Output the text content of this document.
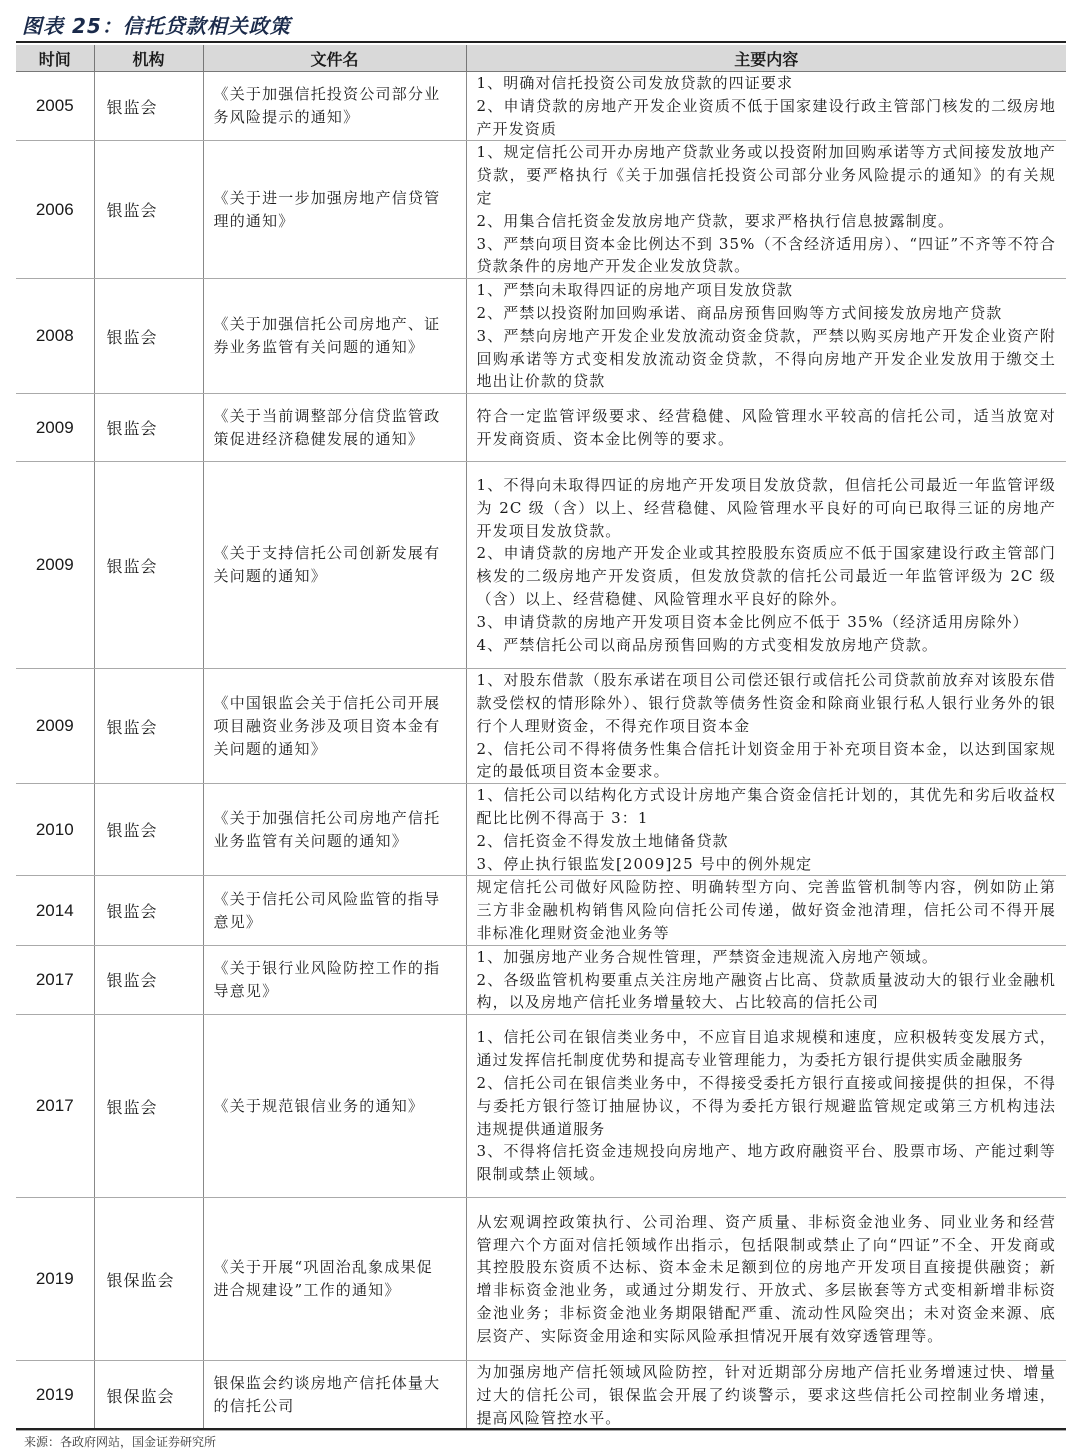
图表 25：信托贷款相关政策
时间	机构	文件名	主要内容
2005	银监会	《关于加强信托投资公司部分业务风险提示的通知》	1、明确对信托投资公司发放贷款的四证要求

2、申请贷款的房地产开发企业资质不低于国家建设行政主管部门核发的二级房地产开发资质

2006	银监会	《关于进一步加强房地产信贷管理的通知》	1、规定信托公司开办房地产贷款业务或以投资附加回购承诺等方式间接发放地产贷款，要严格执行《关于加强信托投资公司部分业务风险提示的通知》的有关规定

2、用集合信托资金发放房地产贷款，要求严格执行信息披露制度。

3、严禁向项目资本金比例达不到 35%（不含经济适用房）、“四证”不齐等不符合贷款条件的房地产开发企业发放贷款。

2008	银监会	《关于加强信托公司房地产、证券业务监管有关问题的通知》	1、严禁向未取得四证的房地产项目发放贷款

2、严禁以投资附加回购承诺、商品房预售回购等方式间接发放房地产贷款

3、严禁向房地产开发企业发放流动资金贷款，严禁以购买房地产开发企业资产附回购承诺等方式变相发放流动资金贷款，不得向房地产开发企业发放用于缴交土地出让价款的贷款

2009	银监会	《关于当前调整部分信贷监管政策促进经济稳健发展的通知》	符合一定监管评级要求、经营稳健、风险管理水平较高的信托公司，适当放宽对开发商资质、资本金比例等的要求。

2009	银监会	《关于支持信托公司创新发展有关问题的通知》	1、不得向未取得四证的房地产开发项目发放贷款，但信托公司最近一年监管评级为 2C 级（含）以上、经营稳健、风险管理水平良好的可向已取得三证的房地产开发项目发放贷款。

2、申请贷款的房地产开发企业或其控股股东资质应不低于国家建设行政主管部门核发的二级房地产开发资质，但发放贷款的信托公司最近一年监管评级为 2C 级（含）以上、经营稳健、风险管理水平良好的除外。

3、申请贷款的房地产开发项目资本金比例应不低于 35%（经济适用房除外）

4、严禁信托公司以商品房预售回购的方式变相发放房地产贷款。

2009	银监会	《中国银监会关于信托公司开展项目融资业务涉及项目资本金有关问题的通知》	1、对股东借款（股东承诺在项目公司偿还银行或信托公司贷款前放弃对该股东借款受偿权的情形除外）、银行贷款等债务性资金和除商业银行私人银行业务外的银行个人理财资金，不得充作项目资本金

2、信托公司不得将债务性集合信托计划资金用于补充项目资本金，以达到国家规定的最低项目资本金要求。

2010	银监会	《关于加强信托公司房地产信托业务监管有关问题的通知》	1、信托公司以结构化方式设计房地产集合资金信托计划的，其优先和劣后收益权配比比例不得高于 3：1

2、信托资金不得发放土地储备贷款

3、停止执行银监发[2009]25 号中的例外规定

2014	银监会	《关于信托公司风险监管的指导意见》	规定信托公司做好风险防控、明确转型方向、完善监管机制等内容，例如防止第三方非金融机构销售风险向信托公司传递，做好资金池清理，信托公司不得开展非标准化理财资金池业务等

2017	银监会	《关于银行业风险防控工作的指导意见》	1、加强房地产业务合规性管理，严禁资金违规流入房地产领域。

2、各级监管机构要重点关注房地产融资占比高、贷款质量波动大的银行业金融机构，以及房地产信托业务增量较大、占比较高的信托公司

2017	银监会	《关于规范银信业务的通知》	1、信托公司在银信类业务中，不应盲目追求规模和速度，应积极转变发展方式，通过发挥信托制度优势和提高专业管理能力，为委托方银行提供实质金融服务

2、信托公司在银信类业务中，不得接受委托方银行直接或间接提供的担保，不得与委托方银行签订抽屉协议，不得为委托方银行规避监管规定或第三方机构违法违规提供通道服务

3、不得将信托资金违规投向房地产、地方政府融资平台、股票市场、产能过剩等限制或禁止领域。

2019	银保监会	《关于开展“巩固治乱象成果促进合规建设”工作的通知》	从宏观调控政策执行、公司治理、资产质量、非标资金池业务、同业业务和经营管理六个方面对信托领域作出指示，包括限制或禁止了向“四证”不全、开发商或其控股股东资质不达标、资本金未足额到位的房地产开发项目直接提供融资；新增非标资金池业务，或通过分期发行、开放式、多层嵌套等方式变相新增非标资金池业务；非标资金池业务期限错配严重、流动性风险突出；未对资金来源、底层资产、实际资金用途和实际风险承担情况开展有效穿透管理等。

2019	银保监会	银保监会约谈房地产信托体量大的信托公司	为加强房地产信托领域风险防控，针对近期部分房地产信托业务增速过快、增量过大的信托公司，银保监会开展了约谈警示，要求这些信托公司控制业务增速，提高风险管控水平。

来源：各政府网站，国金证券研究所
